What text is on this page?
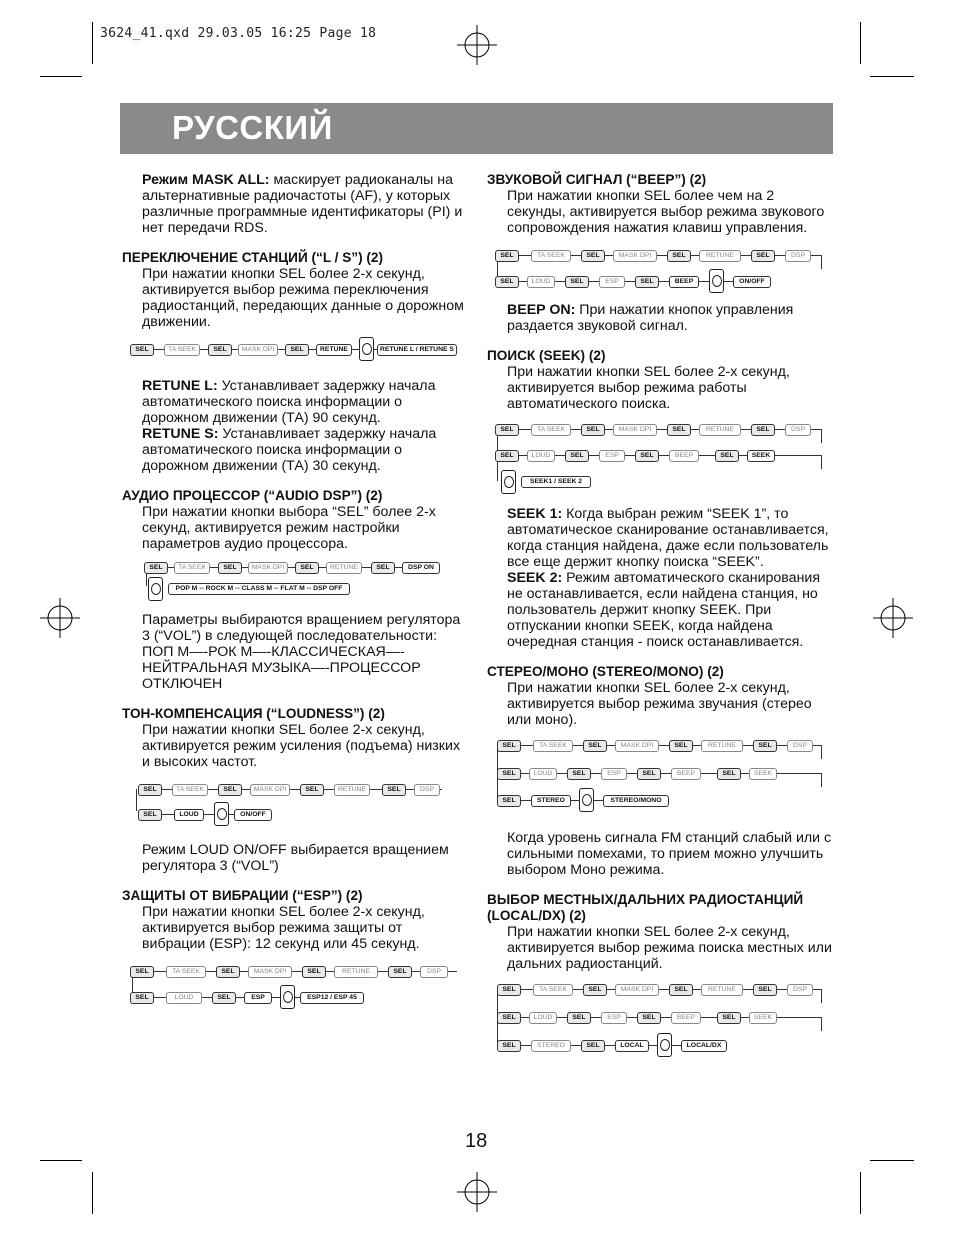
3624_41.qxd 29.03.05 16:25 Page 18
РУССКИЙ

Режим MASK ALL: маскирует радиоканалы на альтернативные радиочастоты (AF), у которых различные программные идентификаторы (PI) и нет передачи RDS.

ПЕРЕКЛЮЧЕНИЕ СТАНЦИЙ (“L / S”) (2)

При нажатии кнопки SEL более 2-х секунд, активируется выбор режима переключения радиостанций, передающих данные о дорожном движении.

SEL	TA SEEK	SEL	MASK DPI	SEL	RETUNE	RETUNE L / RETUNE S

RETUNE L: Устанавливает задержку начала автоматического поиска информации о дорожном движении (ТА) 90 секунд.

RETUNE S: Устанавливает задержку начала автоматического поиска информации о дорожном движении (ТА) 30 секунд.

АУДИО ПРОЦЕССОР (“AUDIO DSP”) (2)

При нажатии кнопки выбора “SEL” более 2-х секунд, активируется режим настройки параметров аудио процессора.

SEL	TA SEEK	SEL	MASK DPI	SEL	RETUNE	SEL	DSP ON
POP M -- ROCK M -- CLASS M -- FLAT M -- DSP OFF

Параметры выбираются вращением регулятора 3 (“VOL”) в следующей последовательности:

ПОП М—-РОК М—-КЛАССИЧЕСКАЯ—-НЕЙТРАЛЬНАЯ МУЗЫКА—-ПРОЦЕССОР ОТКЛЮЧЕН

ТОН-КОМПЕНСАЦИЯ (“LOUDNESS”) (2)

При нажатии кнопки SEL более 2-х секунд, активируется режим усиления (подъема) низких и высоких частот.

SEL	TA SEEK	SEL	MASK DPI	SEL	RETUNE	SEL	DSP
SEL	LOUD	ON/OFF

Режим LOUD ON/OFF выбирается вращением регулятора 3 (“VOL”)

ЗАЩИТЫ ОТ ВИБРАЦИИ (“ESP”) (2)

При нажатии кнопки SEL более 2-х секунд, активируется выбор режима защиты от вибрации (ESP): 12 секунд или 45 секунд.

SEL	TA SEEK	SEL	MASK DPI	SEL	RETUNE	SEL	DSP
SEL	LOUD	SEL	ESP	ESP12 / ESP 45

ЗВУКОВОЙ СИГНАЛ (“BEEP”) (2)

При нажатии кнопки SEL более чем на 2 секунды, активируется выбор режима звукового сопровождения нажатия клавиш управления.

SEL	TA SEEK	SEL	MASK DPI	SEL	RETUNE	SEL	DSP
SEL	LOUD	SEL	ESP	SEL	BEEP	ON/OFF

BEEP ON: При нажатии кнопок управления раздается звуковой сигнал.

ПОИСК (SEEK) (2)

При нажатии кнопки SEL более 2-х секунд, активируется выбор режима работы автоматического поиска.

SEL	TA SEEK	SEL	MASK DPI	SEL	RETUNE	SEL	DSP
SEL	LOUD	SEL	ESP	SEL	BEEP	SEL	SEEK
SEEK1 / SEEK 2

SEEK 1: Когда выбран режим “SEEK 1”, то автоматическое сканирование останавливается, когда станция найдена, даже если пользователь все еще держит кнопку поиска “SEEK”.

SEEK 2: Режим автоматического сканирования не останавливается, если найдена станция, но пользователь держит кнопку SEEK. При отпускании кнопки SEEK, когда найдена очередная станция - поиск останавливается.

СТЕРЕО/МОНО (STEREO/MONO) (2)

При нажатии кнопки SEL более 2-х секунд, активируется выбор режима звучания (стерео или моно).

SEL	TA SEEK	SEL	MASK DPI	SEL	RETUNE	SEL	DSP
SEL	LOUD	SEL	ESP	SEL	BEEP	SEL	SEEK
SEL	STEREO	STEREO/MONO

Когда уровень сигнала FM станций слабый или с сильными помехами, то прием можно улучшить выбором Моно режима.

ВЫБОР МЕСТНЫХ/ДАЛЬНИХ РАДИОСТАНЦИЙ (LOCAL/DX) (2)

При нажатии кнопки SEL более 2-х секунд, активируется выбор режима поиска местных или дальних радиостанций.

SEL	TA SEEK	SEL	MASK DPI	SEL	RETUNE	SEL	DSP
SEL	LOUD	SEL	ESP	SEL	BEEP	SEL	SEEK
SEL	STEREO	SEL	LOCAL	LOCAL/DX
18
